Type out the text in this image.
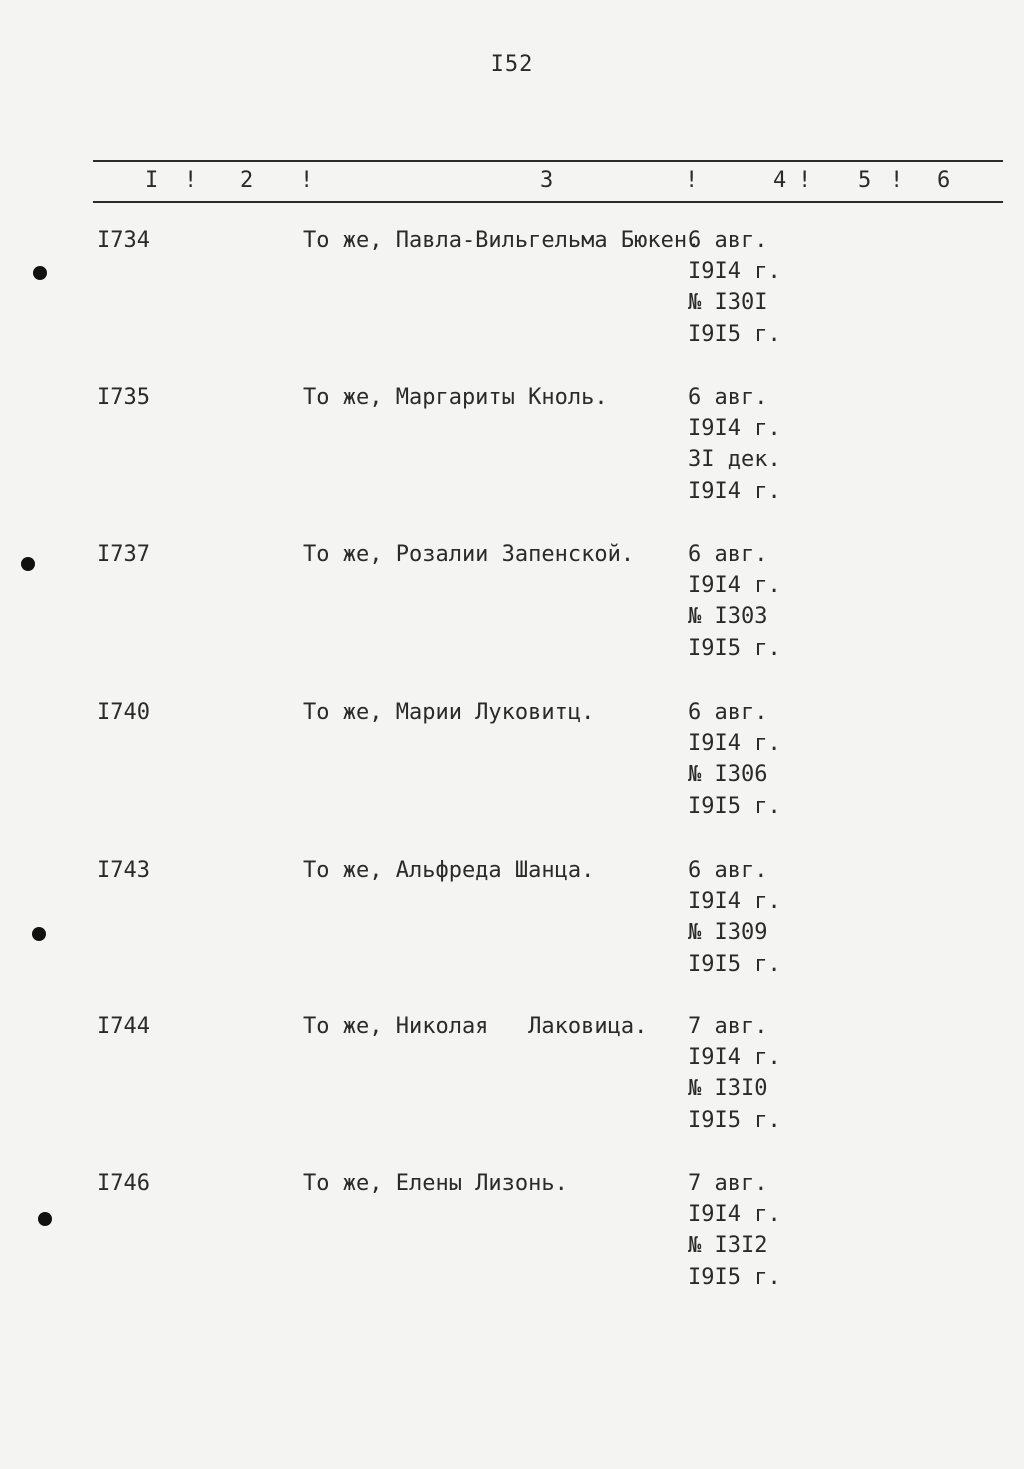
I52
I ! 2 !	3	!	4 ! 5 ! 6
I734	То же, Павла-Вильгельма Бюкен.
6 авг.
I9I4 г.
№ I30I
I9I5 г.
I735	То же, Маргариты Кноль.	6 авг.
I9I4 г.
3I дек.
I9I4 г.
I737	То же, Розалии Запенской. 6 авг.
I9I4 г.
№ I303
I9I5 г.
I740	То же, Марии Луковитц.	6 авг.
I9I4 г.
№ I306
I9I5 г.
I743	То же, Альфреда Шанца.	6 авг.
I9I4 г.
№ I309
I9I5 г.
I744	То же, Николая   Лаковица. 7 авг.
I9I4 г.
№ I3I0
I9I5 г.
I746	То же, Елены Лизонь.	7 авг.
I9I4 г.
№ I3I2
I9I5 г.
